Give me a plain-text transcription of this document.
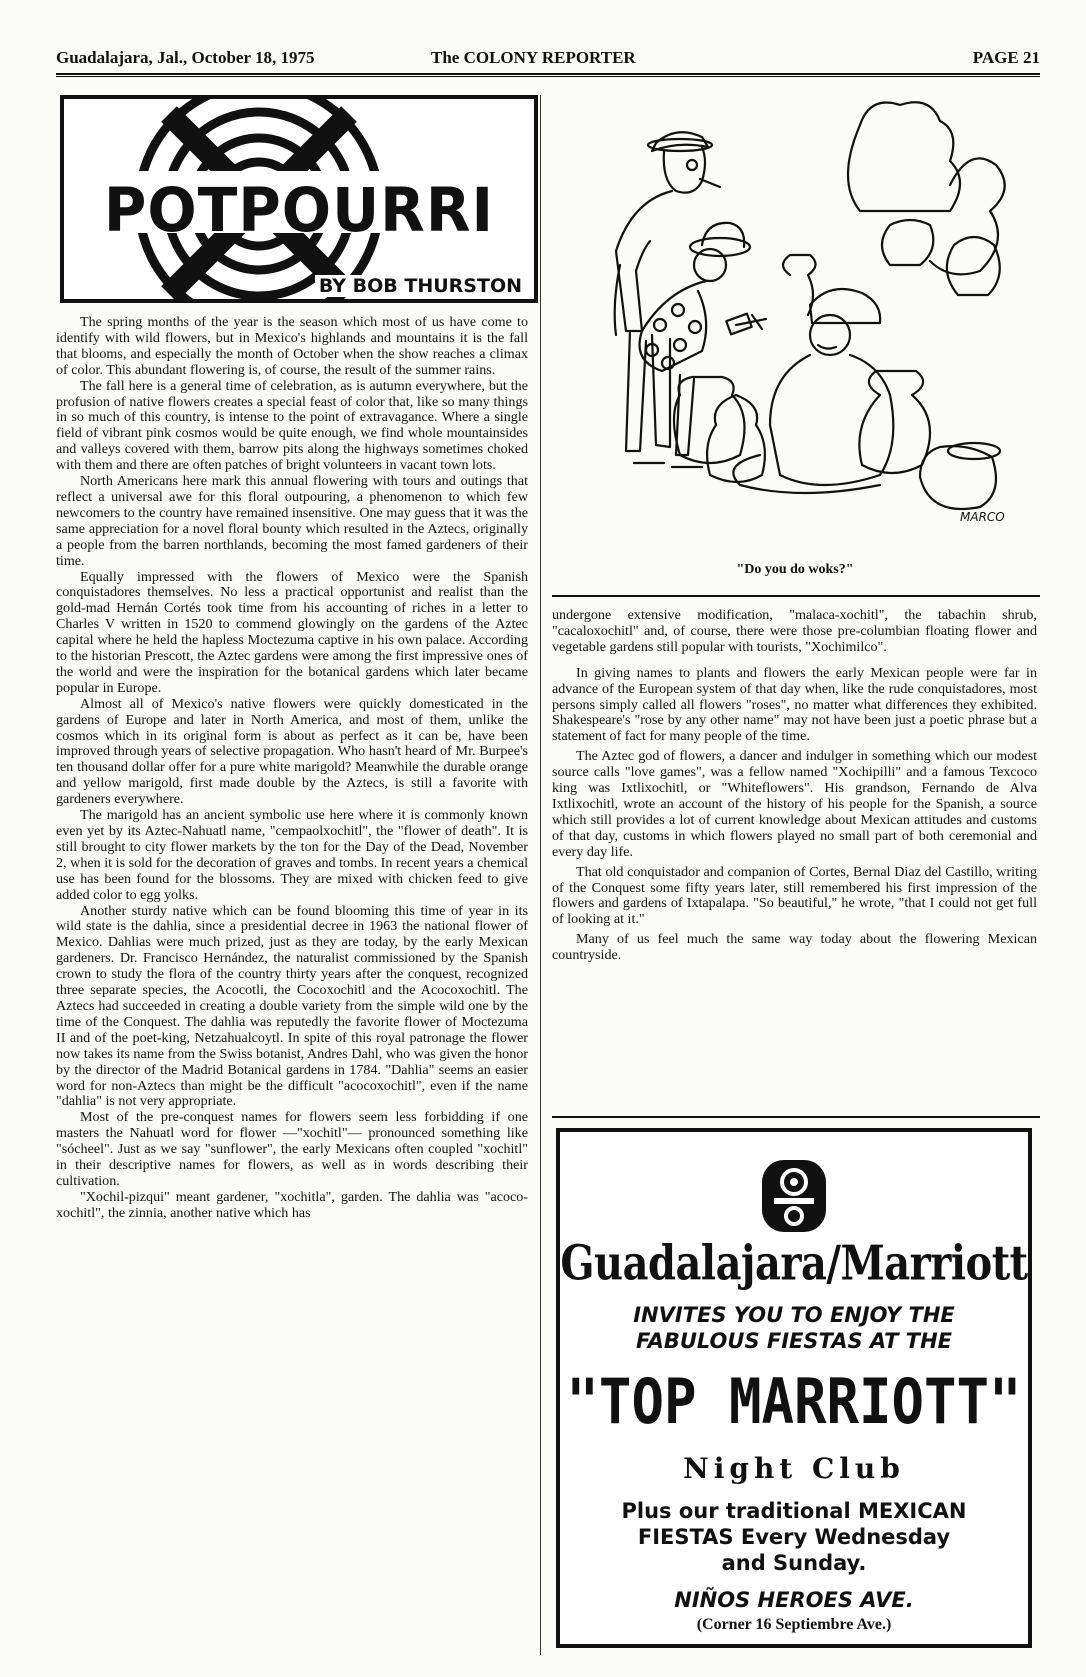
Guadalajara, Jal., October 18, 1975	The COLONY REPORTER	PAGE 21
POTPOURRI
BY BOB THURSTON

The spring months of the year is the season which most of us have come to identify with wild flowers, but in Mexico's highlands and mountains it is the fall that blooms, and especially the month of October when the show reaches a climax of color. This abundant flowering is, of course, the result of the summer rains.

The fall here is a general time of celebration, as is autumn everywhere, but the profusion of native flowers creates a special feast of color that, like so many things in so much of this country, is intense to the point of extravagance. Where a single field of vibrant pink cosmos would be quite enough, we find whole mountainsides and valleys covered with them, barrow pits along the highways sometimes choked with them and there are often patches of bright volunteers in vacant town lots.

North Americans here mark this annual flowering with tours and outings that reflect a universal awe for this floral outpouring, a phenomenon to which few newcomers to the country have remained insensitive. One may guess that it was the same appreciation for a novel floral bounty which resulted in the Aztecs, originally a people from the barren northlands, becoming the most famed gardeners of their time.

Equally impressed with the flowers of Mexico were the Spanish conquistadores themselves. No less a practical opportunist and realist than the gold-mad Hernán Cortés took time from his accounting of riches in a letter to Charles V written in 1520 to commend glowingly on the gardens of the Aztec capital where he held the hapless Moctezuma captive in his own palace. According to the historian Prescott, the Aztec gardens were among the first impressive ones of the world and were the inspiration for the botanical gardens which later became popular in Europe.

Almost all of Mexico's native flowers were quickly domesticated in the gardens of Europe and later in North America, and most of them, unlike the cosmos which in its original form is about as perfect as it can be, have been improved through years of selective propagation. Who hasn't heard of Mr. Burpee's ten thousand dollar offer for a pure white marigold? Meanwhile the durable orange and yellow marigold, first made double by the Aztecs, is still a favorite with gardeners everywhere.

The marigold has an ancient symbolic use here where it is commonly known even yet by its Aztec-Nahuatl name, "cempaolxochitl", the "flower of death". It is still brought to city flower markets by the ton for the Day of the Dead, November 2, when it is sold for the decoration of graves and tombs. In recent years a chemical use has been found for the blossoms. They are mixed with chicken feed to give added color to egg yolks.

Another sturdy native which can be found blooming this time of year in its wild state is the dahlia, since a presidential decree in 1963 the national flower of Mexico. Dahlias were much prized, just as they are today, by the early Mexican gardeners. Dr. Francisco Hernández, the naturalist commissioned by the Spanish crown to study the flora of the country thirty years after the conquest, recognized three separate species, the Acocotli, the Cocoxochitl and the Acocoxochitl. The Aztecs had succeeded in creating a double variety from the simple wild one by the time of the Conquest. The dahlia was reputedly the favorite flower of Moctezuma II and of the poet-king, Netzahualcoytl. In spite of this royal patronage the flower now takes its name from the Swiss botanist, Andres Dahl, who was given the honor by the director of the Madrid Botanical gardens in 1784. "Dahlia" seems an easier word for non-Aztecs than might be the difficult "acocoxochitl", even if the name "dahlia" is not very appropriate.

Most of the pre-conquest names for flowers seem less forbidding if one masters the Nahuatl word for flower —"xochitl"— pronounced something like "sócheel". Just as we say "sunflower", the early Mexicans often coupled "xochitl" in their descriptive names for flowers, as well as in words describing their cultivation.

"Xochil-pizqui" meant gardener, "xochitla", garden. The dahlia was "acoco-xochitl", the zinnia, another native which has

MARCO
"Do you do woks?"

undergone extensive modification, "malaca-xochitl", the tabachin shrub, "cacaloxochitl" and, of course, there were those pre-columbian floating flower and vegetable gardens still popular with tourists, "Xochimilco".

In giving names to plants and flowers the early Mexican people were far in advance of the European system of that day when, like the rude conquistadores, most persons simply called all flowers "roses", no matter what differences they exhibited. Shakespeare's "rose by any other name" may not have been just a poetic phrase but a statement of fact for many people of the time.

The Aztec god of flowers, a dancer and indulger in something which our modest source calls "love games", was a fellow named "Xochipilli" and a famous Texcoco king was Ixtlixochitl, or "Whiteflowers". His grandson, Fernando de Alva Ixtlixochitl, wrote an account of the history of his people for the Spanish, a source which still provides a lot of current knowledge about Mexican attitudes and customs of that day, customs in which flowers played no small part of both ceremonial and every day life.

That old conquistador and companion of Cortes, Bernal Diaz del Castillo, writing of the Conquest some fifty years later, still remembered his first impression of the flowers and gardens of Ixtapalapa. "So beautiful," he wrote, "that I could not get full of looking at it."

Many of us feel much the same way today about the flowering Mexican countryside.

Guadalajara/Marriott
INVITES YOU TO ENJOY THE
FABULOUS FIESTAS AT THE
"TOP MARRIOTT"
Night Club
Plus our traditional MEXICAN
FIESTAS Every Wednesday
and Sunday.
NIÑOS HEROES AVE.
(Corner 16 Septiembre Ave.)
